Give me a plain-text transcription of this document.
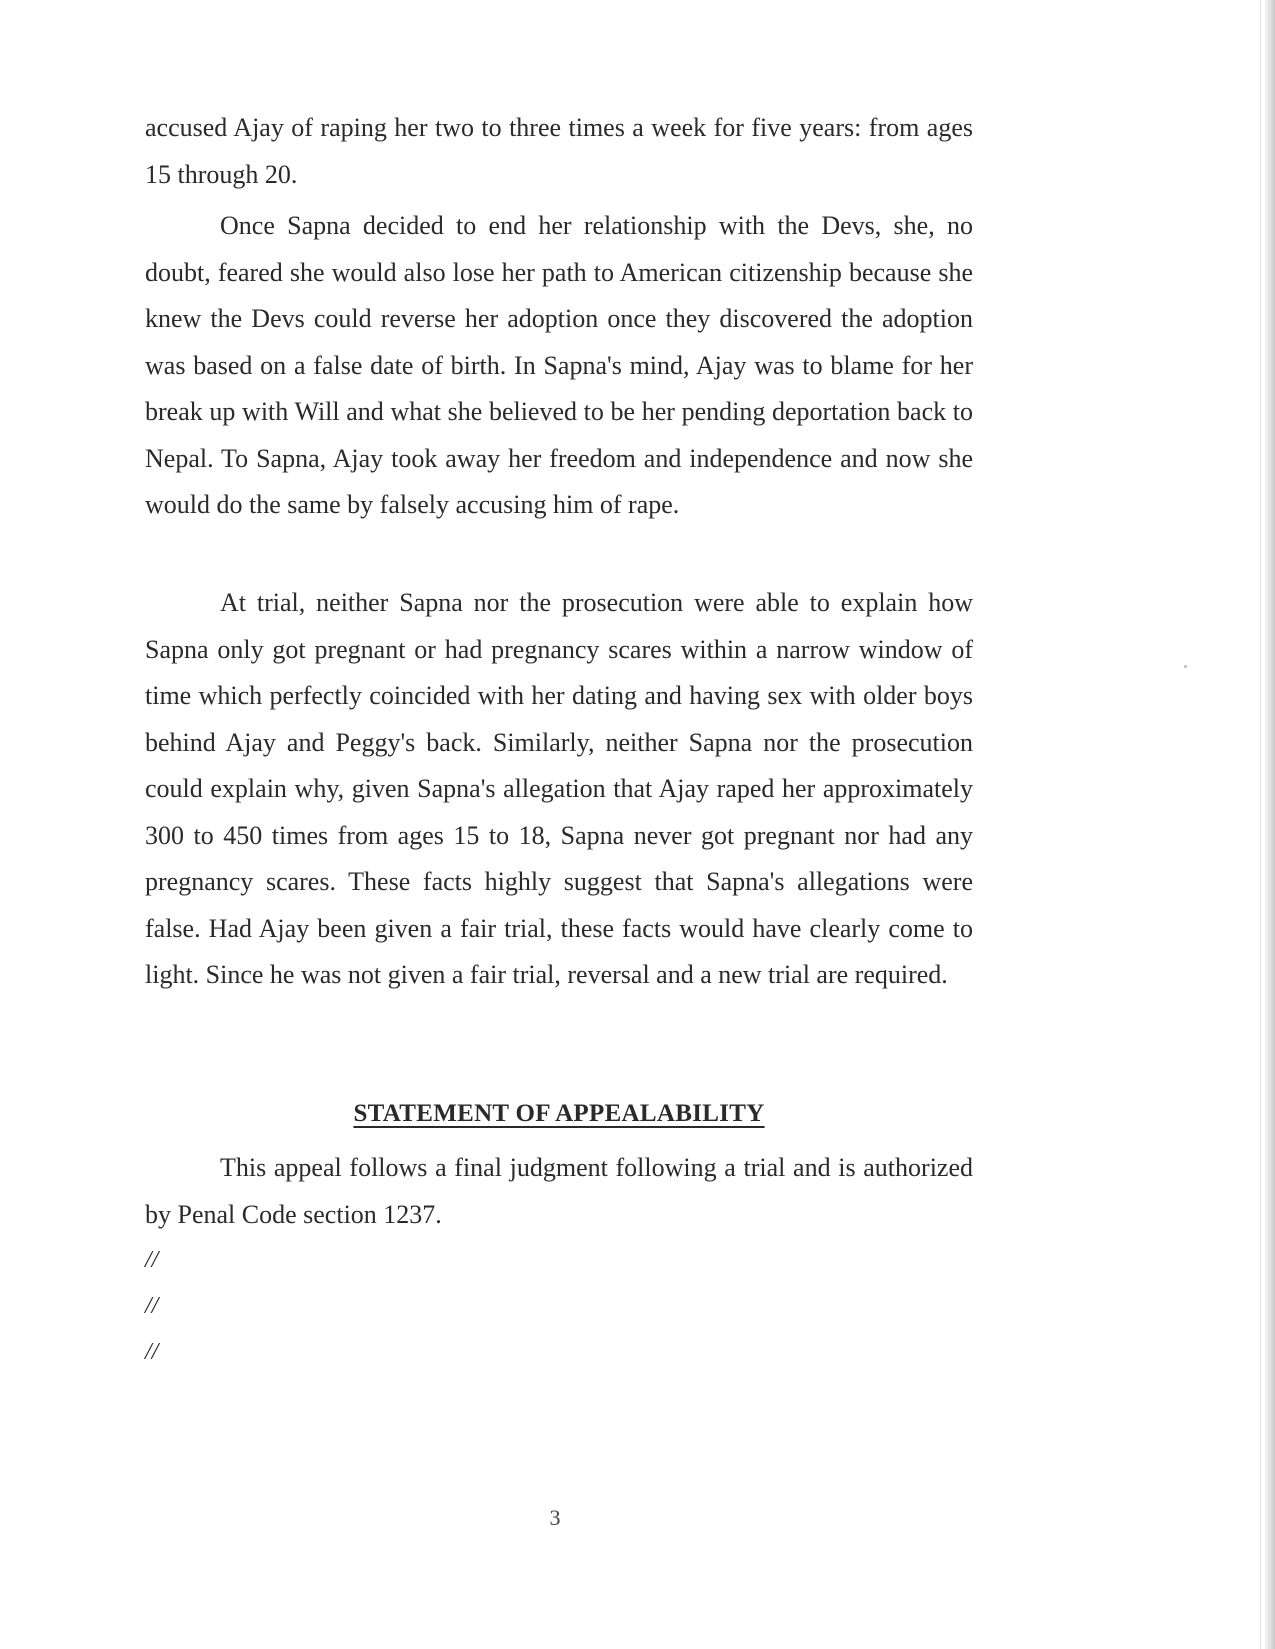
accused Ajay of raping her two to three times a week for five years: from ages 15 through 20.

Once Sapna decided to end her relationship with the Devs, she, no doubt, feared she would also lose her path to American citizenship because she knew the Devs could reverse her adoption once they discovered the adoption was based on a false date of birth. In Sapna's mind, Ajay was to blame for her break up with Will and what she believed to be her pending deportation back to Nepal. To Sapna, Ajay took away her freedom and independence and now she would do the same by falsely accusing him of rape.

At trial, neither Sapna nor the prosecution were able to explain how Sapna only got pregnant or had pregnancy scares within a narrow window of time which perfectly coincided with her dating and having sex with older boys behind Ajay and Peggy's back. Similarly, neither Sapna nor the prosecution could explain why, given Sapna's allegation that Ajay raped her approximately 300 to 450 times from ages 15 to 18, Sapna never got pregnant nor had any pregnancy scares. These facts highly suggest that Sapna's allegations were false. Had Ajay been given a fair trial, these facts would have clearly come to light. Since he was not given a fair trial, reversal and a new trial are required.

STATEMENT OF APPEALABILITY

This appeal follows a final judgment following a trial and is authorized by Penal Code section 1237.

//

//

//

3
